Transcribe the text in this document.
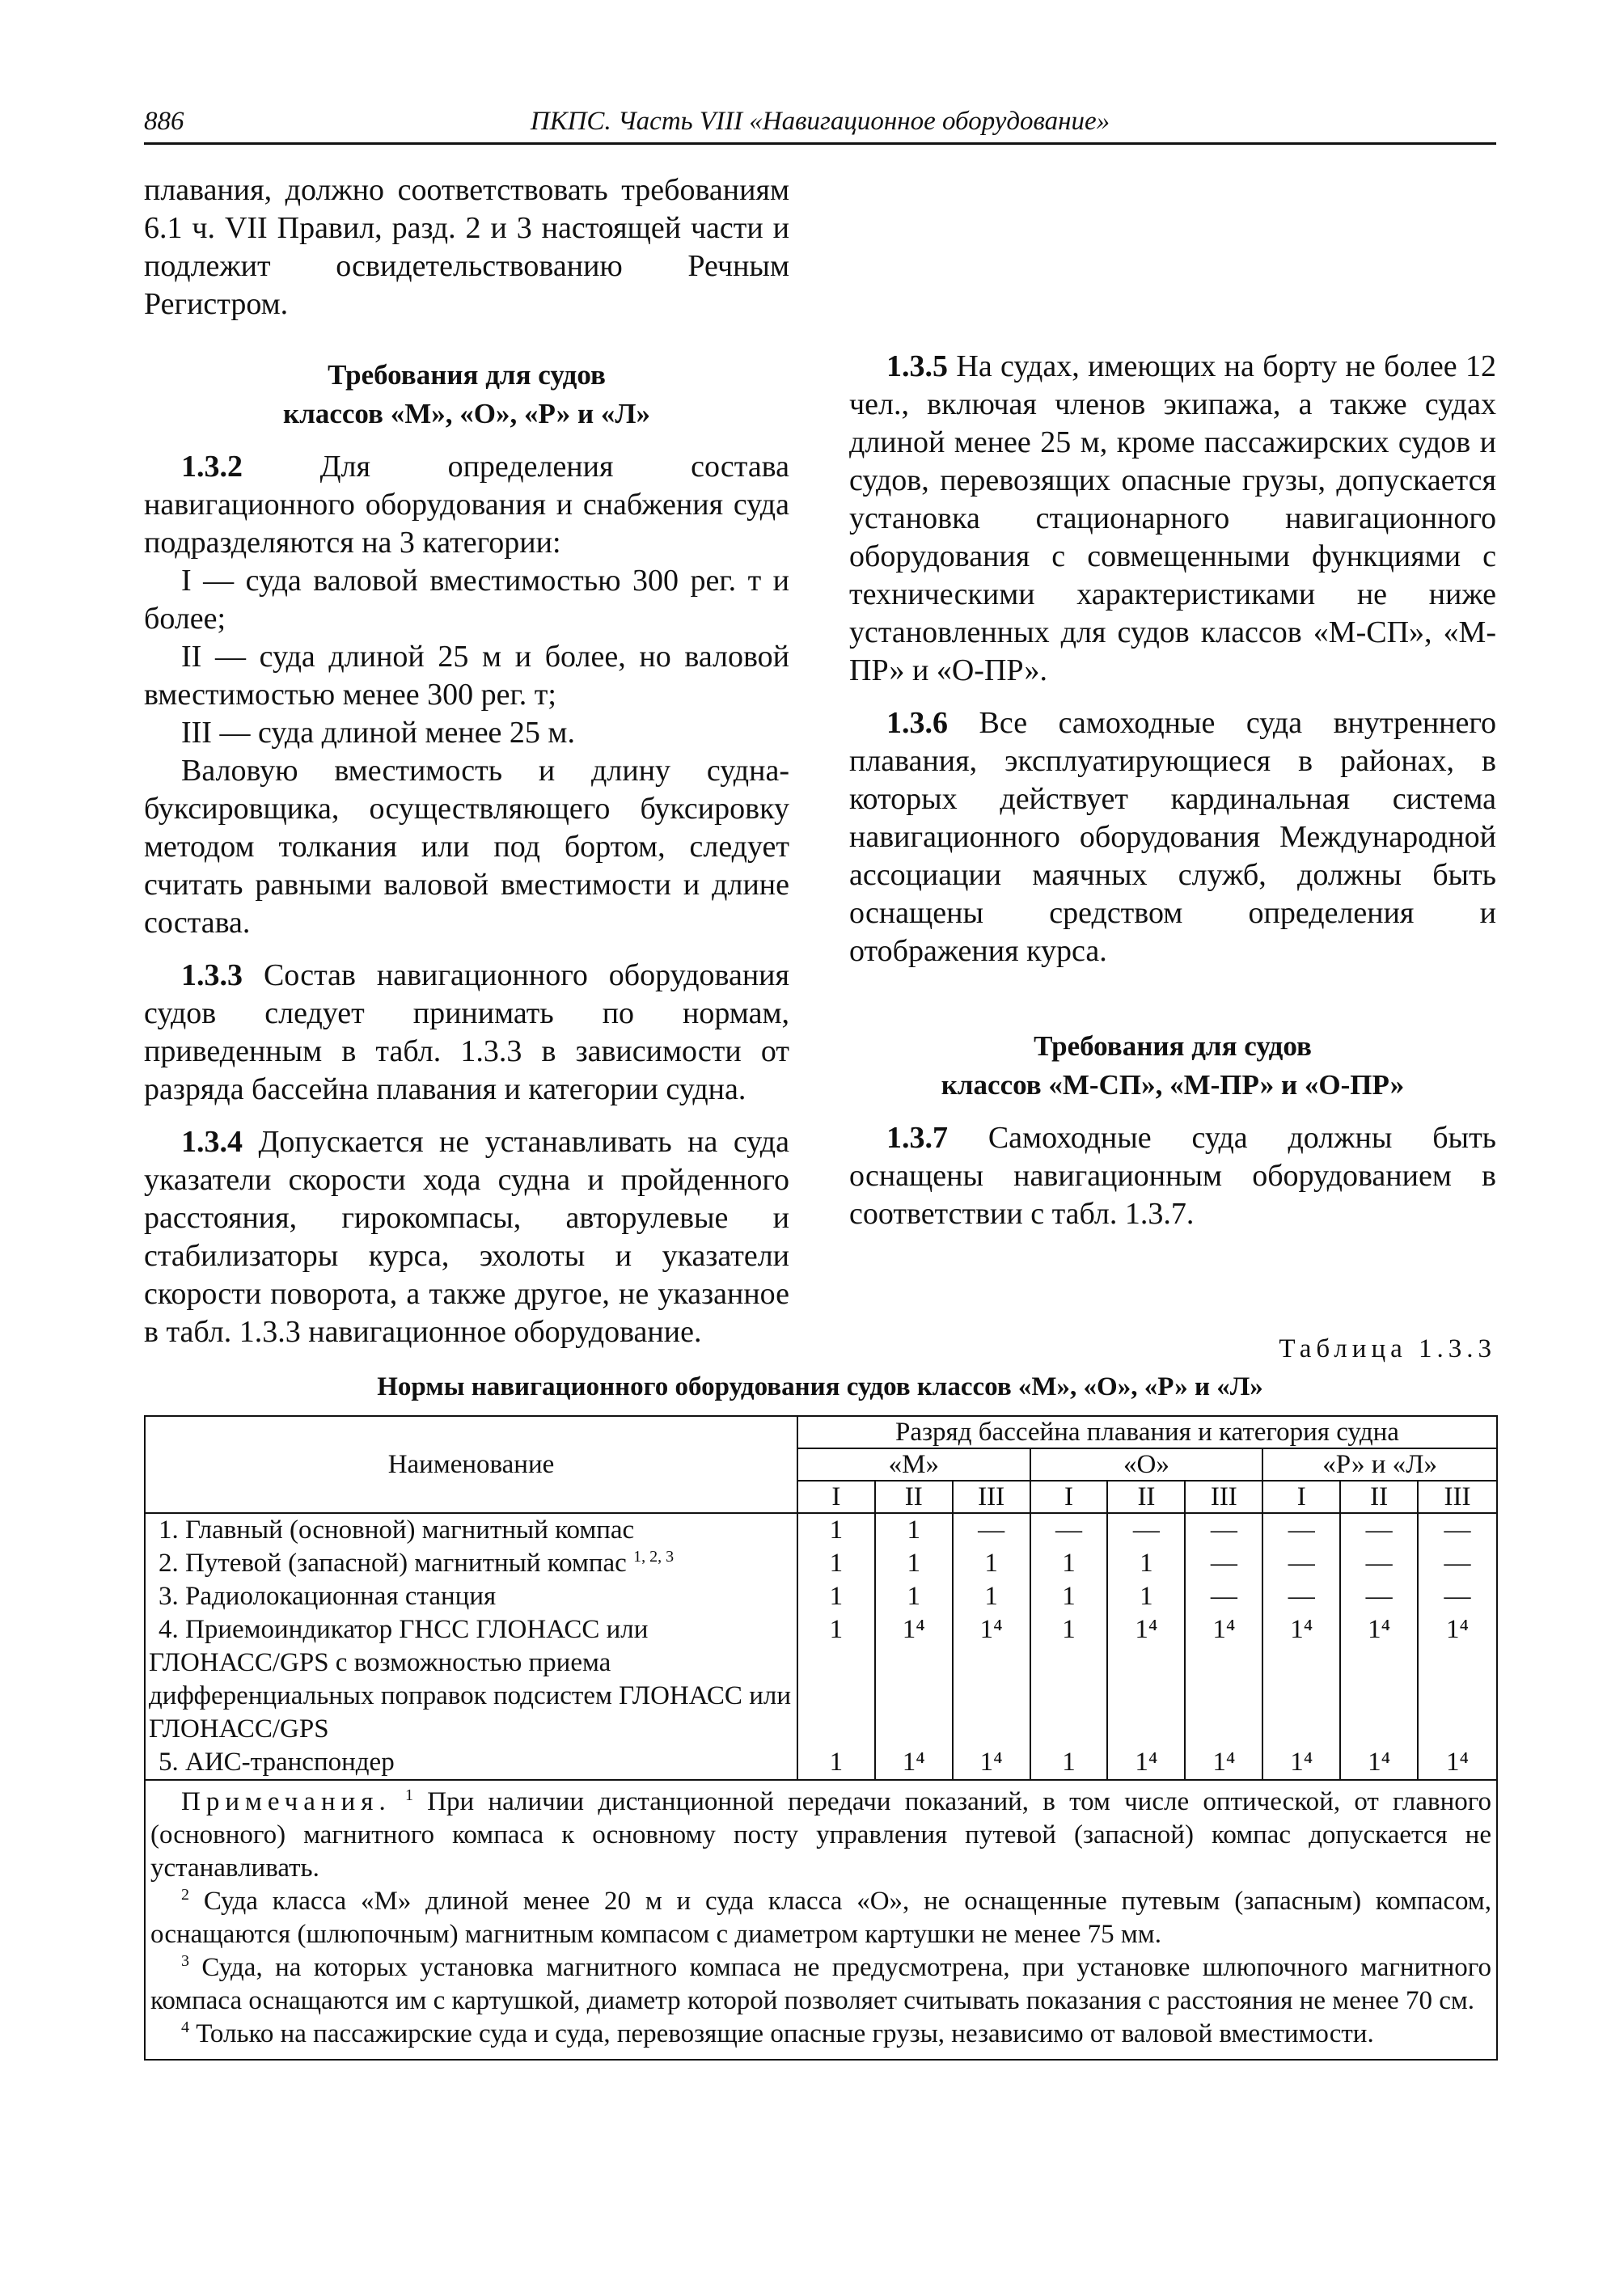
886	ПКПС. Часть VIII «Навигационное оборудование»

плавания, должно соответствовать требованиям 6.1 ч. VII Правил, разд. 2 и 3 настоящей части и подлежит освидетельствованию Речным Регистром.

Требования для судов

классов «М», «О», «Р» и «Л»

1.3.2	Для определения состава навигационного оборудования и снабжения суда подразделяются на 3 категории:

I — суда валовой вместимостью 300 рег. т и более;

II — суда длиной 25 м и более, но валовой вместимостью менее 300 рег. т;

III — суда длиной менее 25 м.

Валовую вместимость и длину судна-буксировщика, осуществляющего буксировку методом толкания или под бортом, следует считать равными валовой вместимости и длине состава.

1.3.3 Состав навигационного оборудования судов следует принимать по нормам, приведенным в табл. 1.3.3 в зависимости от разряда бассейна плавания и категории судна.

1.3.4 Допускается не устанавливать на суда указатели скорости хода судна и пройденного расстояния, гирокомпасы, авторулевые и стабилизаторы курса, эхолоты и указатели скорости поворота, а также другое, не указанное в табл. 1.3.3 навигационное оборудование.

1.3.5 На судах, имеющих на борту не более 12 чел., включая членов экипажа, а также судах длиной менее 25 м, кроме пассажирских судов и судов, перевозящих опасные грузы, допускается установка стационарного навигационного оборудования с совмещенными функциями с техническими характеристиками не ниже установленных для судов классов «М-СП», «М-ПР» и «О-ПР».

1.3.6 Все самоходные суда внутреннего плавания, эксплуатирующиеся в районах, в которых действует кардинальная система навигационного оборудования Международной ассоциации маячных служб, должны быть оснащены средством определения и отображения курса.

Требования для судов

классов «М-СП», «М-ПР» и «О-ПР»

1.3.7 Самоходные суда должны быть оснащены навигационным оборудованием в соответствии с табл. 1.3.7.

Таблица 1.3.3
Нормы навигационного оборудования судов классов «М», «О», «Р» и «Л»
Наименование	Разряд бассейна плавания и категория судна								
	«М»			«О»			«Р» и «Л»		
	I	II	III	I	II	III	I	II	III
1. Главный (основной) магнитный компас	1	1	—	—	—	—	—	—	—
2. Путевой (запасной) магнитный компас $^{1, 2, 3}$	1	1	1	1	1	—	—	—	—
3. Радиолокационная станция	1	1	1	1	1	—	—	—	—
4. Приемоиндикатор ГНСС ГЛОНАСС или ГЛОНАСС/GPS с возможностью приема дифференциальных поправок подсистем ГЛОНАСС или ГЛОНАСС/GPS	1	1⁴	1⁴	1	1⁴	1⁴	1⁴	1⁴	1⁴
5. АИС-транспондер	1	1⁴	1⁴	1	1⁴	1⁴	1⁴	1⁴	1⁴

Примечания. $^1$ При наличии дистанционной передачи показаний, в том числе оптической, от главного (основного) магнитного компаса к основному посту управления путевой (запасной) компас допускается не устанавливать.

$^2$ Суда класса «М» длиной менее 20 м и суда класса «О», не оснащенные путевым (запасным) компасом, оснащаются (шлюпочным) магнитным компасом с диаметром картушки не менее 75 мм.

$^3$ Суда, на которых установка магнитного компаса не предусмотрена, при установке шлюпочного магнитного компаса оснащаются им с картушкой, диаметр которой позволяет считывать показания с расстояния не менее 70 см.

$^4$ Только на пассажирские суда и суда, перевозящие опасные грузы, независимо от валовой вместимости.									
